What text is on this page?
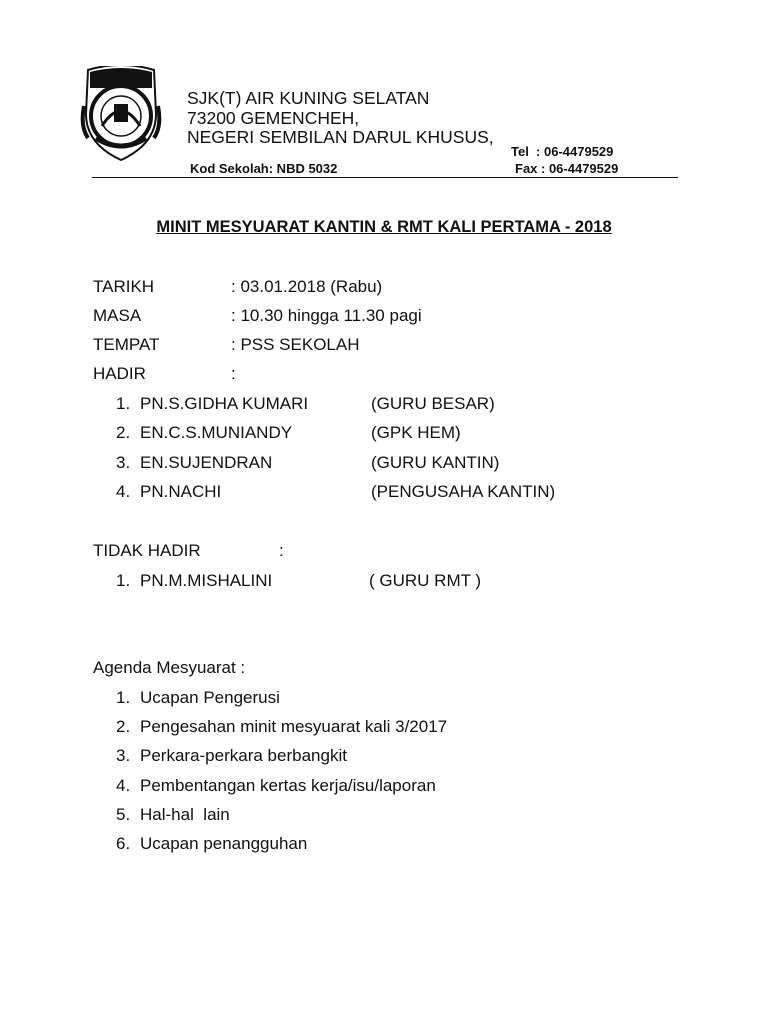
SJK(T) AIR KUNING SELATAN

73200 GEMENCHEH,

NEGERI SEMBILAN DARUL KHUSUS,

Tel  : 06-4479529

Kod Sekolah: NBD 5032	Fax : 06-4479529

MINIT MESYUARAT KANTIN & RMT KALI PERTAMA - 2018

TARIKH	: 03.01.2018 (Rabu)

MASA	: 10.30 hingga 11.30 pagi

TEMPAT	: PSS SEKOLAH

HADIR	:

1. PN.S.GIDHA KUMARI	(GURU BESAR)

2. EN.C.S.MUNIANDY	(GPK HEM)

3. EN.SUJENDRAN	(GURU KANTIN)

4. PN.NACHI	(PENGUSAHA KANTIN)

TIDAK HADIR	:

1. PN.M.MISHALINI	( GURU RMT )

Agenda Mesyuarat :

1. Ucapan Pengerusi

2. Pengesahan minit mesyuarat kali 3/2017

3. Perkara-perkara berbangkit

4. Pembentangan kertas kerja/isu/laporan

5. Hal-hal  lain

6. Ucapan penangguhan
